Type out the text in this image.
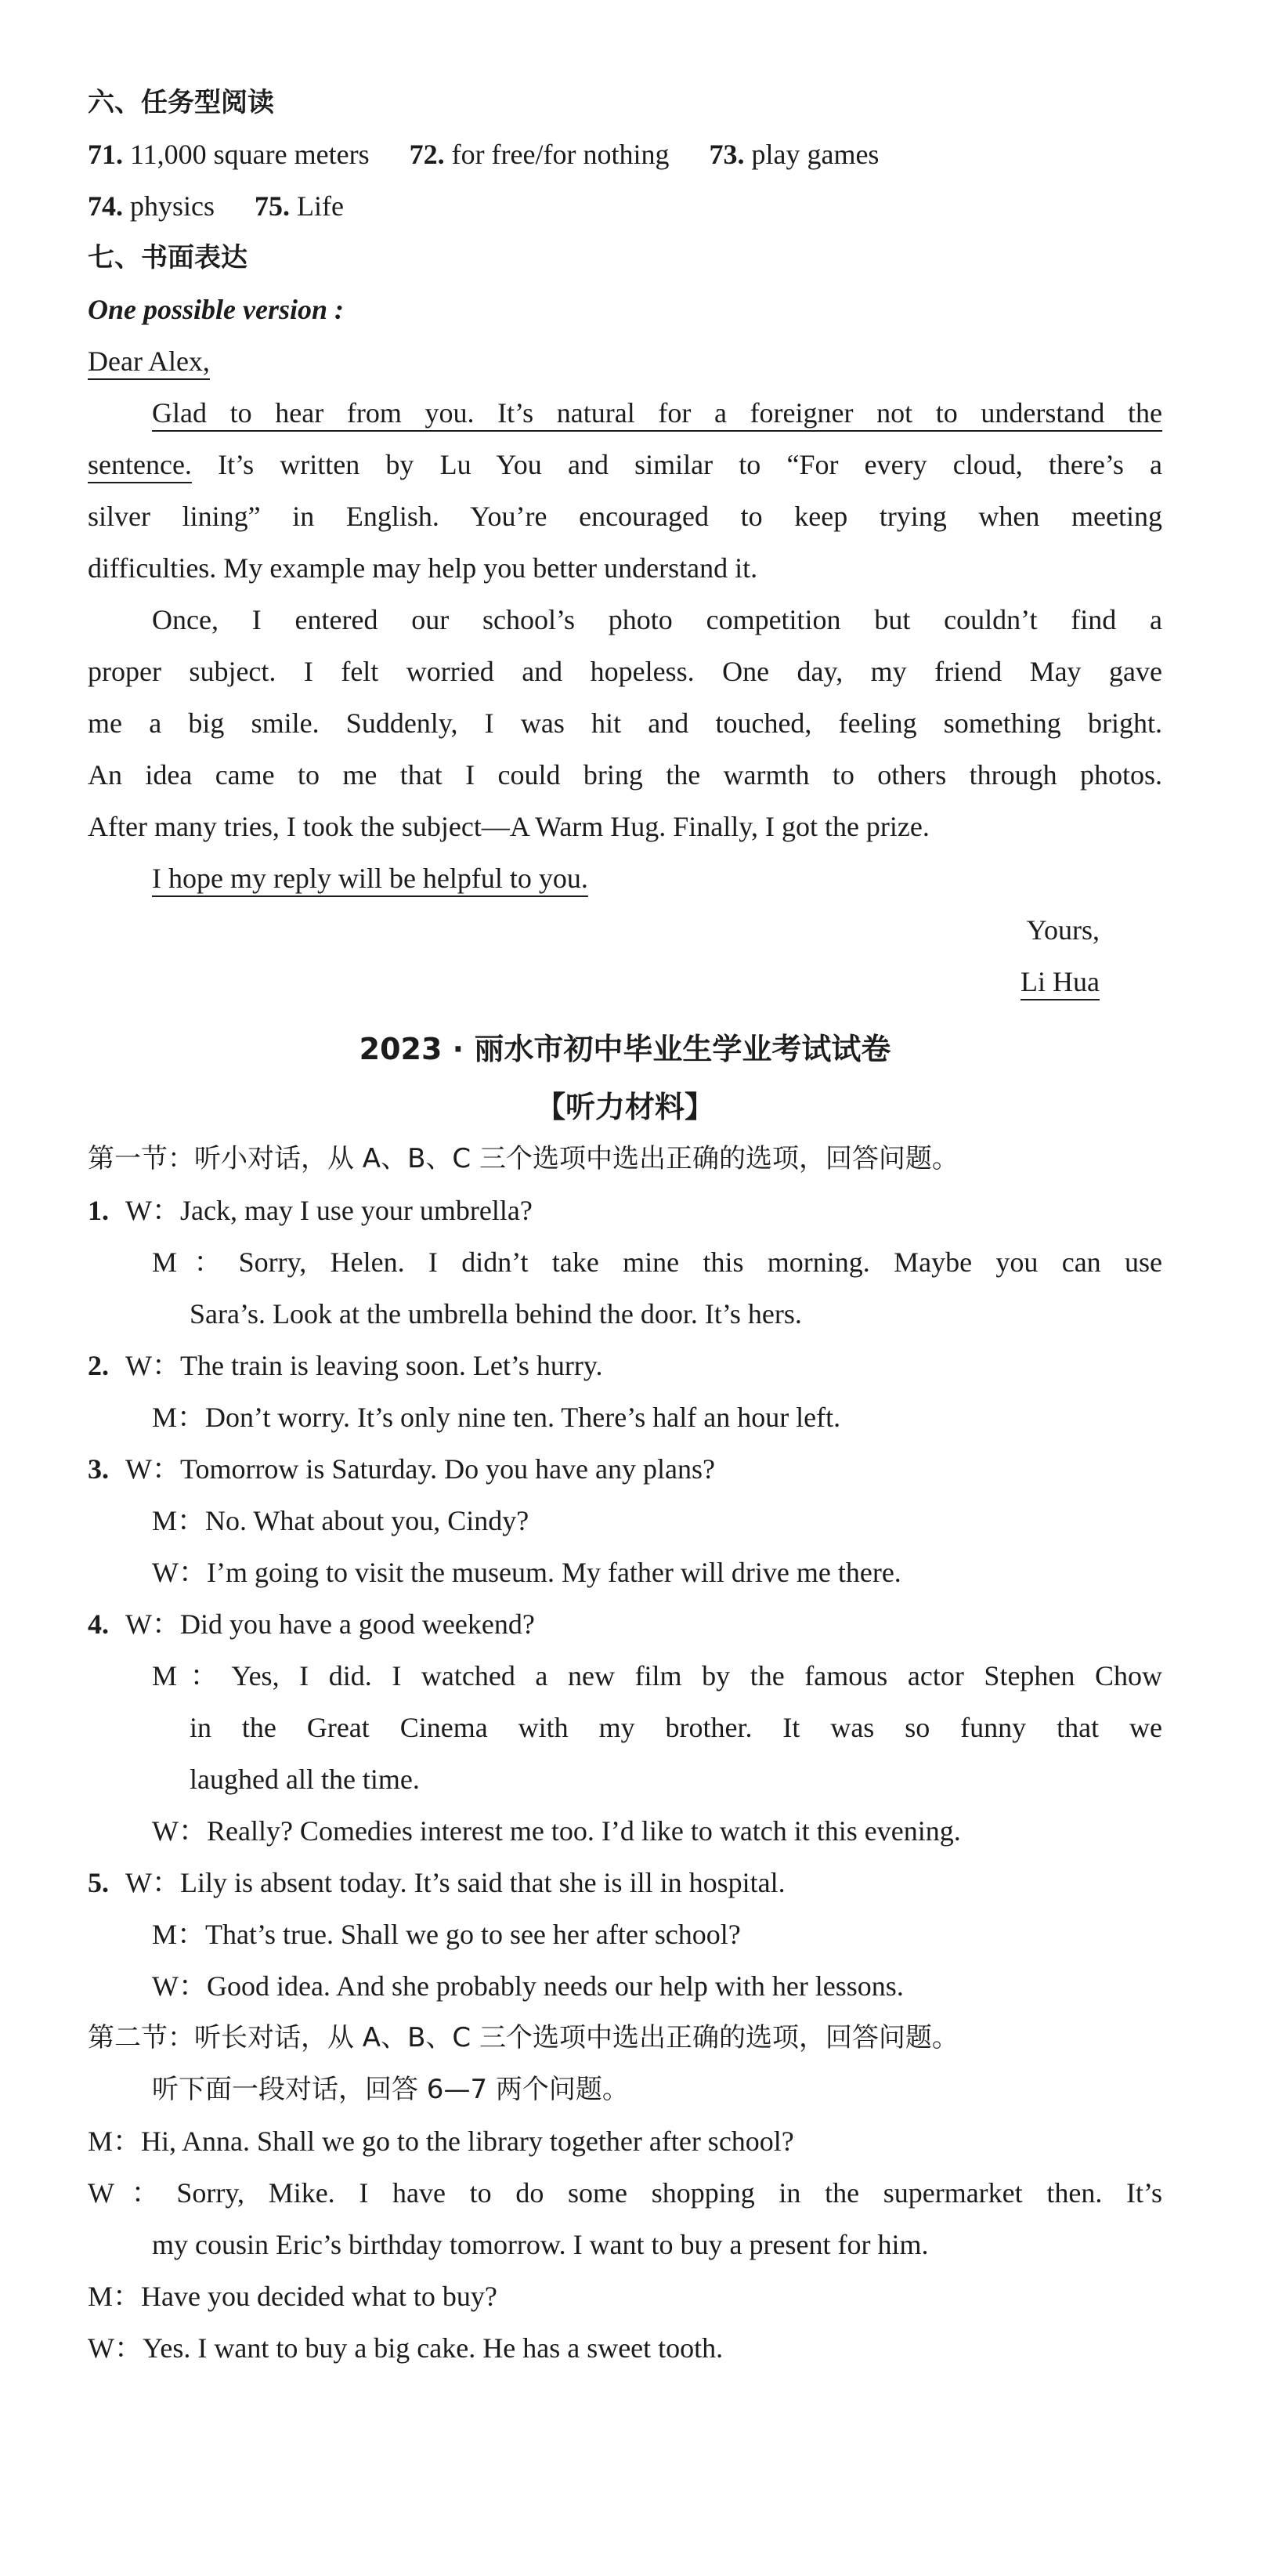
六、任务型阅读
71. 11,000 square meters 72. for free/for nothing 73. play games
74. physics 75. Life
七、书面表达
One possible version :
Dear Alex,
Glad to hear from you. It’s natural for a foreigner not to understand the
sentence. It’s written by Lu You and similar to “For every cloud, there’s a
silver lining” in English. You’re encouraged to keep trying when meeting
difficulties. My example may help you better understand it.
Once, I entered our school’s photo competition but couldn’t find a
proper subject. I felt worried and hopeless. One day, my friend May gave
me a big smile. Suddenly, I was hit and touched, feeling something bright.
An idea came to me that I could bring the warmth to others through photos.
After many tries, I took the subject—A Warm Hug. Finally, I got the prize.
I hope my reply will be helpful to you.
Yours,
Li Hua
2023 · 丽水市初中毕业生学业考试试卷
【听力材料】
第一节：听小对话，从 A、B、C 三个选项中选出正确的选项，回答问题。
1. W：Jack, may I use your umbrella?
M：Sorry, Helen. I didn’t take mine this morning. Maybe you can use
Sara’s. Look at the umbrella behind the door. It’s hers.
2. W：The train is leaving soon. Let’s hurry.
M：Don’t worry. It’s only nine ten. There’s half an hour left.
3. W：Tomorrow is Saturday. Do you have any plans?
M：No. What about you, Cindy?
W：I’m going to visit the museum. My father will drive me there.
4. W：Did you have a good weekend?
M：Yes, I did. I watched a new film by the famous actor Stephen Chow
in the Great Cinema with my brother. It was so funny that we
laughed all the time.
W：Really? Comedies interest me too. I’d like to watch it this evening.
5. W：Lily is absent today. It’s said that she is ill in hospital.
M：That’s true. Shall we go to see her after school?
W：Good idea. And she probably needs our help with her lessons.
第二节：听长对话，从 A、B、C 三个选项中选出正确的选项，回答问题。
听下面一段对话，回答 6—7 两个问题。
M：Hi, Anna. Shall we go to the library together after school?
W：Sorry, Mike. I have to do some shopping in the supermarket then. It’s
my cousin Eric’s birthday tomorrow. I want to buy a present for him.
M：Have you decided what to buy?
W：Yes. I want to buy a big cake. He has a sweet tooth.
